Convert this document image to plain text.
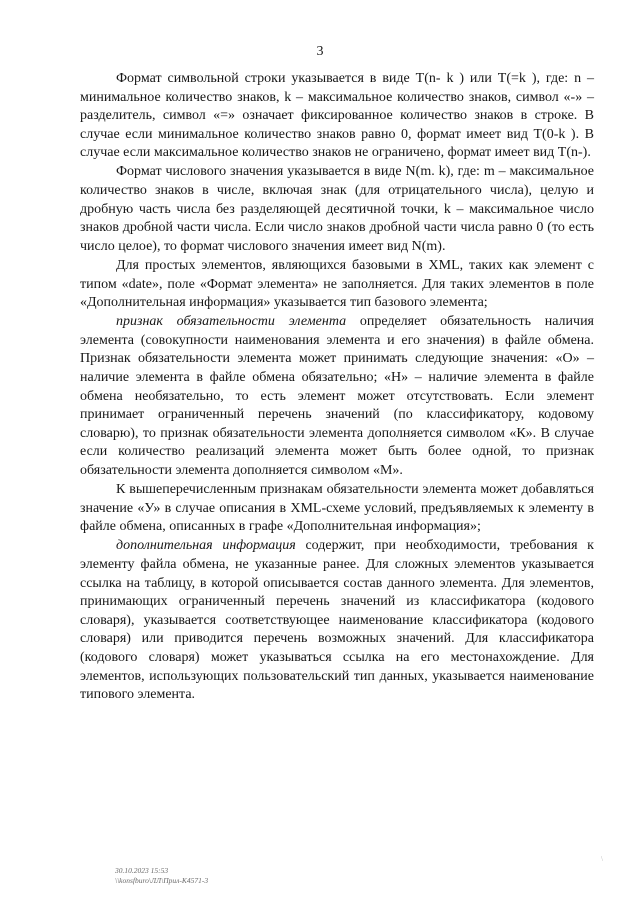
3

Формат символьной строки указывается в виде T(n- k ) или T(=k ), где: n – минимальное количество знаков, k – максимальное количество знаков, символ «-» – разделитель, символ «=» означает фиксированное количество знаков в строке. В случае если минимальное количество знаков равно 0, формат имеет вид T(0-k ). В случае если максимальное количество знаков не ограничено, формат имеет вид T(n-).

Формат числового значения указывается в виде N(m. k), где: m – максимальное количество знаков в числе, включая знак (для отрицательного числа), целую и дробную часть числа без разделяющей десятичной точки, k – максимальное число знаков дробной части числа. Если число знаков дробной части числа равно 0 (то есть число целое), то формат числового значения имеет вид N(m).

Для простых элементов, являющихся базовыми в XML, таких как элемент с типом «date», поле «Формат элемента» не заполняется. Для таких элементов в поле «Дополнительная информация» указывается тип базового элемента;

признак обязательности элемента определяет обязательность наличия элемента (совокупности наименования элемента и его значения) в файле обмена. Признак обязательности элемента может принимать следующие значения: «О» – наличие элемента в файле обмена обязательно; «Н» – наличие элемента в файле обмена необязательно, то есть элемент может отсутствовать. Если элемент принимает ограниченный перечень значений (по классификатору, кодовому словарю), то признак обязательности элемента дополняется символом «К». В случае если количество реализаций элемента может быть более одной, то признак обязательности элемента дополняется символом «М».

К вышеперечисленным признакам обязательности элемента может добавляться значение «У» в случае описания в XML-схеме условий, предъявляемых к элементу в файле обмена, описанных в графе «Дополнительная информация»;

дополнительная информация содержит, при необходимости, требования к элементу файла обмена, не указанные ранее. Для сложных элементов указывается ссылка на таблицу, в которой описывается состав данного элемента. Для элементов, принимающих ограниченный перечень значений из классификатора (кодового словаря), указывается соответствующее наименование классификатора (кодового словаря) или приводится перечень возможных значений. Для классификатора (кодового словаря) может указываться ссылка на его местонахождение. Для элементов, использующих пользовательский тип данных, указывается наименование типового элемента.

30.10.2023 15:53
\\konsfburo\ЛЛ\Прил-К4571-3
\
